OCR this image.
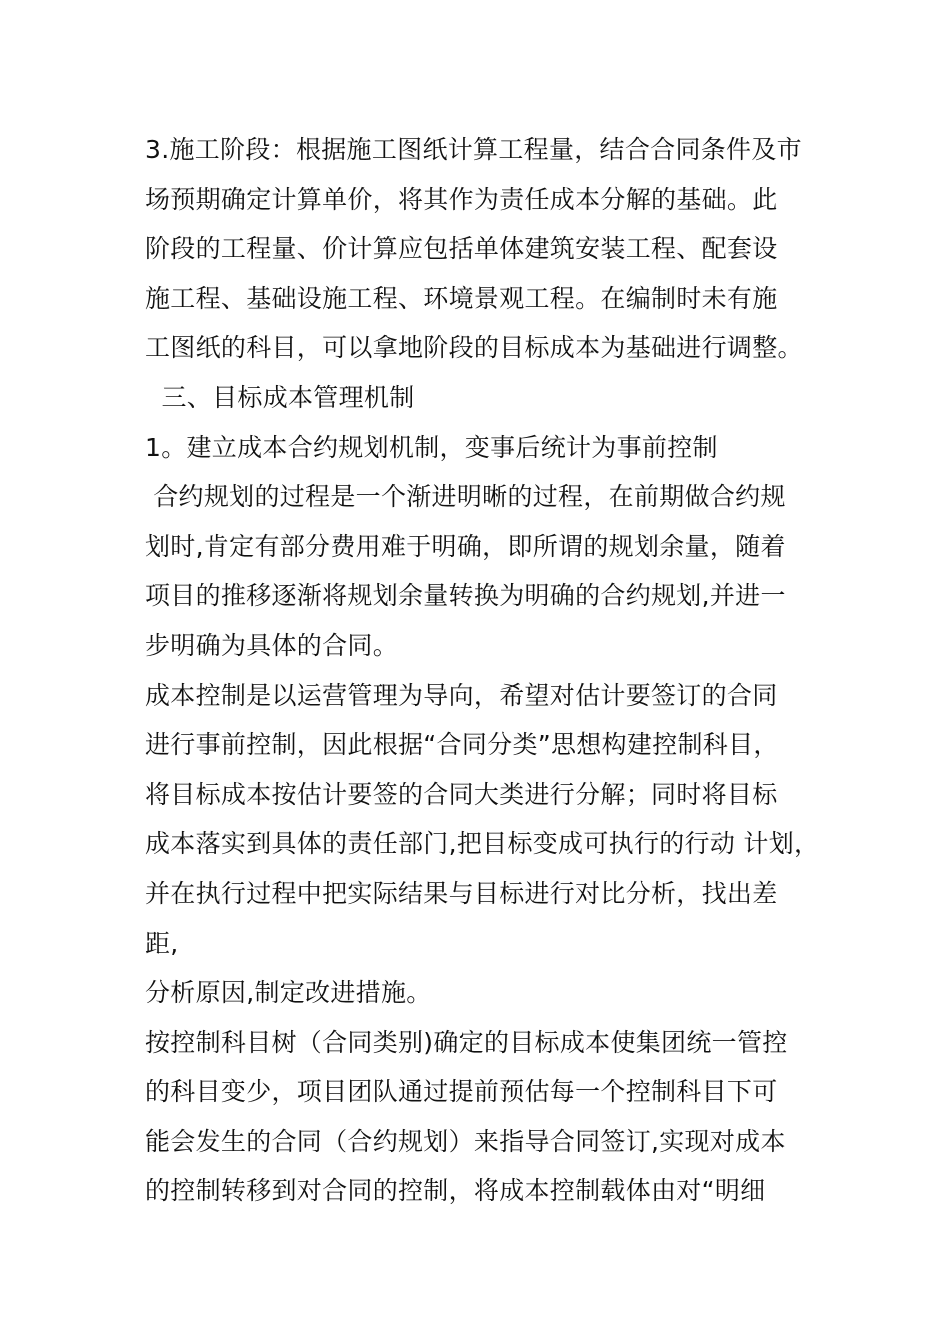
3.施工阶段：根据施工图纸计算工程量，结合合同条件及市
场预期确定计算单价，将其作为责任成本分解的基础。此
阶段的工程量、价计算应包括单体建筑安装工程、配套设
施工程、基础设施工程、环境景观工程。在编制时未有施
工图纸的科目，可以拿地阶段的目标成本为基础进行调整。
三、目标成本管理机制
1。建立成本合约规划机制，变事后统计为事前控制
合约规划的过程是一个渐进明晰的过程，在前期做合约规
划时,肯定有部分费用难于明确，即所谓的规划余量，随着
项目的推移逐渐将规划余量转换为明确的合约规划,并进一
步明确为具体的合同。
成本控制是以运营管理为导向，希望对估计要签订的合同
进行事前控制，因此根据“合同分类”思想构建控制科目，
将目标成本按估计要签的合同大类进行分解；同时将目标
成本落实到具体的责任部门,把目标变成可执行的行动 计划，
并在执行过程中把实际结果与目标进行对比分析，找出差
距,
分析原因,制定改进措施。
按控制科目树（合同类别)确定的目标成本使集团统一管控
的科目变少，项目团队通过提前预估每一个控制科目下可
能会发生的合同（合约规划）来指导合同签订,实现对成本
的控制转移到对合同的控制，将成本控制载体由对“明细
